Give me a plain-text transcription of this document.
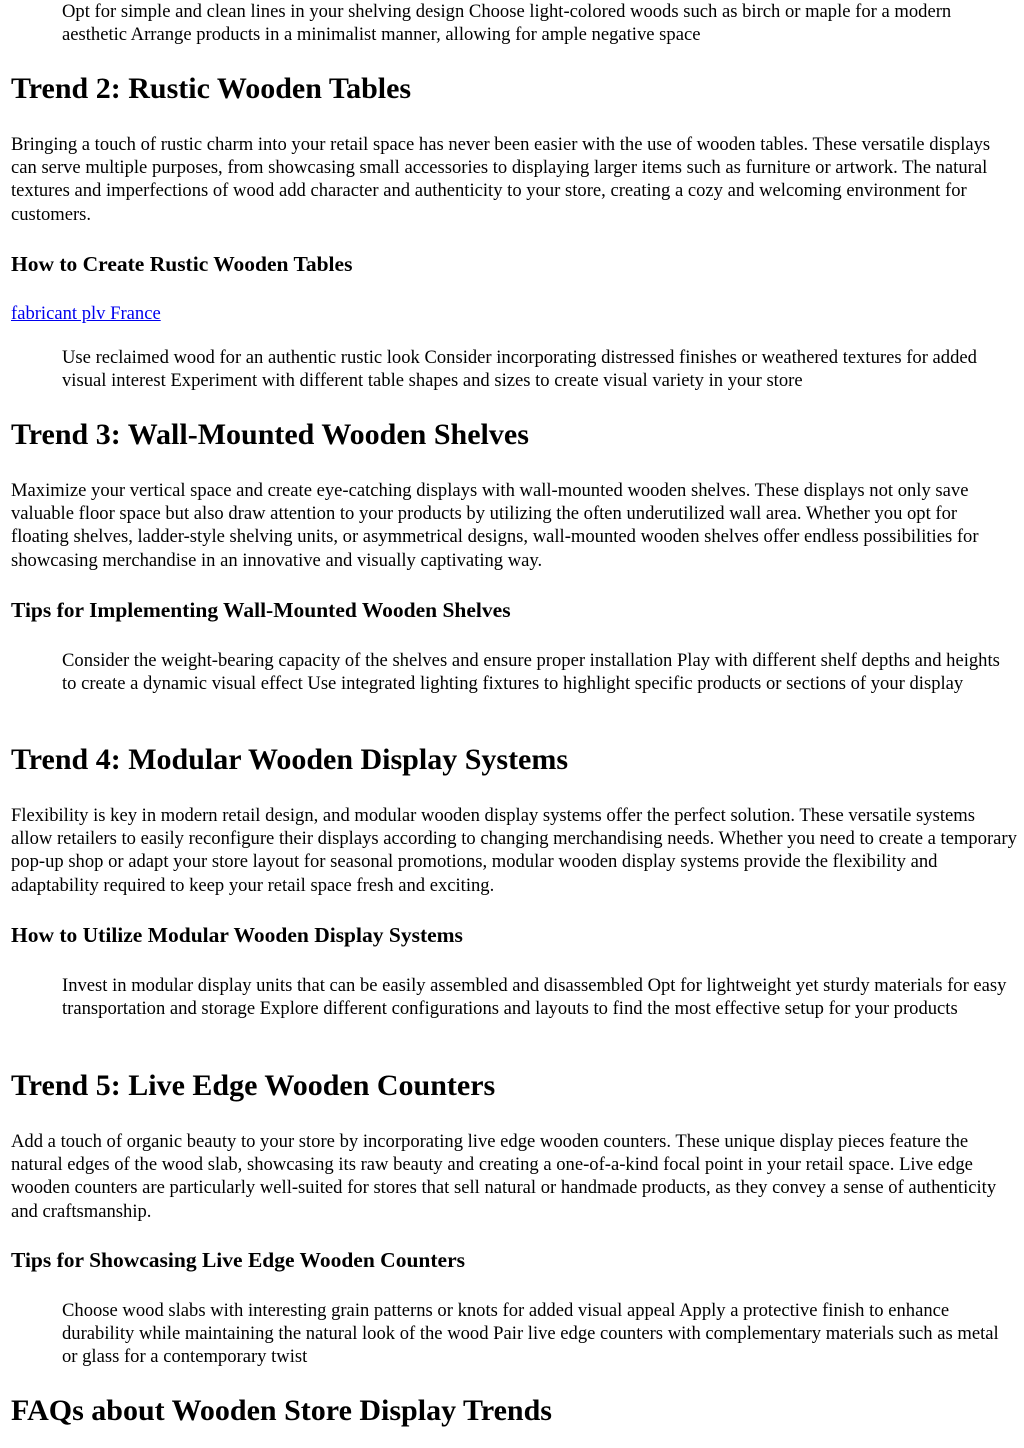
Opt for simple and clean lines in your shelving design Choose light-colored woods such as birch or maple for a modern aesthetic Arrange products in a minimalist manner, allowing for ample negative space

Trend 2: Rustic Wooden Tables

Bringing a touch of rustic charm into your retail space has never been easier with the use of wooden tables. These versatile displays can serve multiple purposes, from showcasing small accessories to displaying larger items such as furniture or artwork. The natural textures and imperfections of wood add character and authenticity to your store, creating a cozy and welcoming environment for customers.

How to Create Rustic Wooden Tables
fabricant plv France

Use reclaimed wood for an authentic rustic look Consider incorporating distressed finishes or weathered textures for added visual interest Experiment with different table shapes and sizes to create visual variety in your store

Trend 3: Wall-Mounted Wooden Shelves

Maximize your vertical space and create eye-catching displays with wall-mounted wooden shelves. These displays not only save valuable floor space but also draw attention to your products by utilizing the often underutilized wall area. Whether you opt for floating shelves, ladder-style shelving units, or asymmetrical designs, wall-mounted wooden shelves offer endless possibilities for showcasing merchandise in an innovative and visually captivating way.

Tips for Implementing Wall-Mounted Wooden Shelves

Consider the weight-bearing capacity of the shelves and ensure proper installation Play with different shelf depths and heights to create a dynamic visual effect Use integrated lighting fixtures to highlight specific products or sections of your display

Trend 4: Modular Wooden Display Systems

Flexibility is key in modern retail design, and modular wooden display systems offer the perfect solution. These versatile systems allow retailers to easily reconfigure their displays according to changing merchandising needs. Whether you need to create a temporary pop-up shop or adapt your store layout for seasonal promotions, modular wooden display systems provide the flexibility and adaptability required to keep your retail space fresh and exciting.

How to Utilize Modular Wooden Display Systems

Invest in modular display units that can be easily assembled and disassembled Opt for lightweight yet sturdy materials for easy transportation and storage Explore different configurations and layouts to find the most effective setup for your products

Trend 5: Live Edge Wooden Counters

Add a touch of organic beauty to your store by incorporating live edge wooden counters. These unique display pieces feature the natural edges of the wood slab, showcasing its raw beauty and creating a one-of-a-kind focal point in your retail space. Live edge wooden counters are particularly well-suited for stores that sell natural or handmade products, as they convey a sense of authenticity and craftsmanship.

Tips for Showcasing Live Edge Wooden Counters

Choose wood slabs with interesting grain patterns or knots for added visual appeal Apply a protective finish to enhance durability while maintaining the natural look of the wood Pair live edge counters with complementary materials such as metal or glass for a contemporary twist

FAQs about Wooden Store Display Trends
